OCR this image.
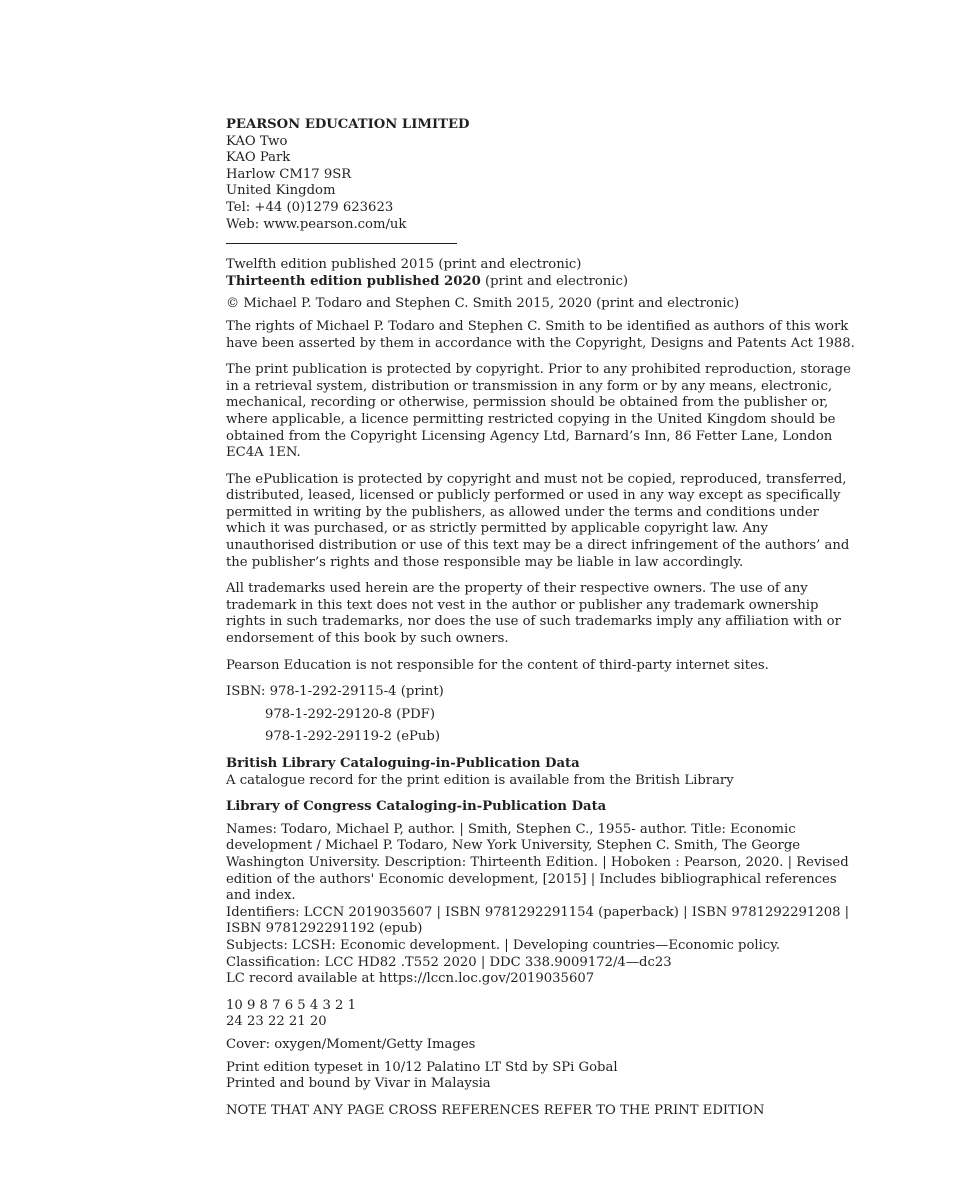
PEARSON EDUCATION LIMITED

KAO Two

KAO Park

Harlow CM17 9SR

United Kingdom

Tel: +44 (0)1279 623623

Web: www.pearson.com/uk

Twelfth edition published 2015 (print and electronic)

Thirteenth edition published 2020 (print and electronic)

© Michael P. Todaro and Stephen C. Smith 2015, 2020 (print and electronic)

The rights of Michael P. Todaro and Stephen C. Smith to be identified as authors of this work have been asserted by them in accordance with the Copyright, Designs and Patents Act 1988.

The print publication is protected by copyright. Prior to any prohibited reproduction, storage in a retrieval system, distribution or transmission in any form or by any means, electronic, mechanical, recording or otherwise, permission should be obtained from the publisher or, where applicable, a licence permitting restricted copying in the United Kingdom should be obtained from the Copyright Licensing Agency Ltd, Barnard’s Inn, 86 Fetter Lane, London EC4A 1EN.

The ePublication is protected by copyright and must not be copied, reproduced, transferred, distributed, leased, licensed or publicly performed or used in any way except as specifically permitted in writing by the publishers, as allowed under the terms and conditions under which it was purchased, or as strictly permitted by applicable copyright law. Any unauthorised distribution or use of this text may be a direct infringement of the authors’ and the publisher’s rights and those responsible may be liable in law accordingly.

All trademarks used herein are the property of their respective owners. The use of any trademark in this text does not vest in the author or publisher any trademark ownership rights in such trademarks, nor does the use of such trademarks imply any affiliation with or endorsement of this book by such owners.

Pearson Education is not responsible for the content of third-party internet sites.

ISBN: 978-1-292-29115-4 (print)

978-1-292-29120-8 (PDF)

978-1-292-29119-2 (ePub)

British Library Cataloguing-in-Publication Data

A catalogue record for the print edition is available from the British Library

Library of Congress Cataloging-in-Publication Data

Names: Todaro, Michael P, author. | Smith, Stephen C., 1955- author. Title: Economic development / Michael P. Todaro, New York University, Stephen C. Smith, The George Washington University. Description: Thirteenth Edition. | Hoboken : Pearson, 2020. | Revised edition of the authors' Economic development, [2015] | Includes bibliographical references and index.

Identifiers: LCCN 2019035607 | ISBN 9781292291154 (paperback) | ISBN 9781292291208 | ISBN 9781292291192 (epub)

Subjects: LCSH: Economic development. | Developing countries—Economic policy.

Classification: LCC HD82 .T552 2020 | DDC 338.9009172/4—dc23

LC record available at https://lccn.loc.gov/2019035607

10 9 8 7 6 5 4 3 2 1

24 23 22 21 20

Cover: oxygen/Moment/Getty Images

Print edition typeset in 10/12 Palatino LT Std by SPi Gobal

Printed and bound by Vivar in Malaysia

NOTE THAT ANY PAGE CROSS REFERENCES REFER TO THE PRINT EDITION
